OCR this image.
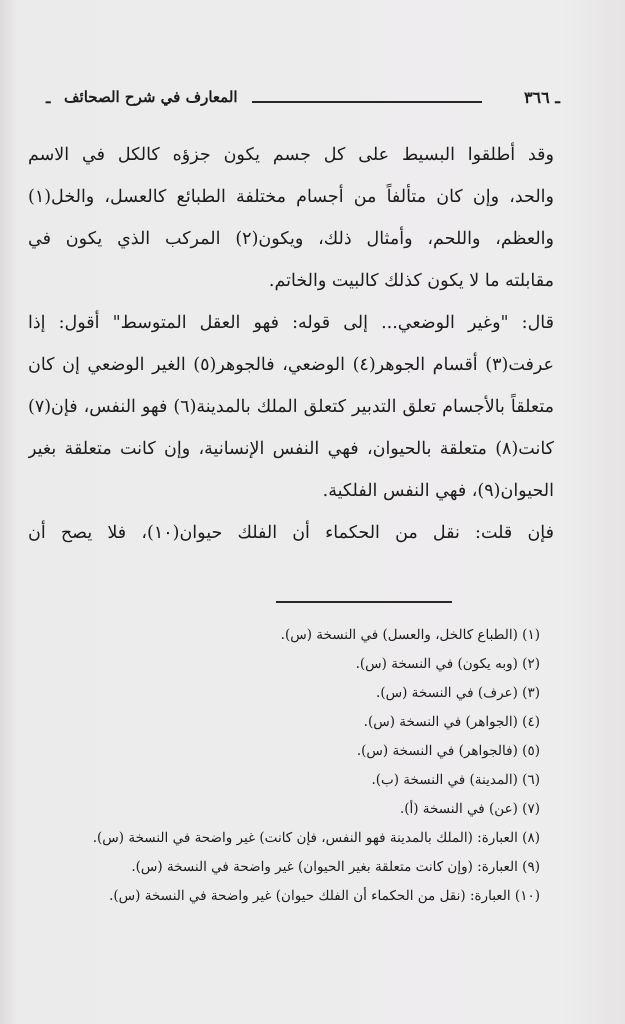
ـ ٣٦٦
المعارف في شرح الصحائف
ـ
وقد أطلقوا البسيط على كل جسم يكون جزؤه كالكل في الاسم
والحد، وإن كان متألفاً من أجسام مختلفة الطبائع كالعسل، والخل(١)
والعظم، واللحم، وأمثال ذلك، ويكون(٢) المركب الذي يكون في
مقابلته ما لا يكون كذلك كالبيت والخاتم.
قال: "وغير الوضعي... إلى قوله: فهو العقل المتوسط" أقول: إذا
عرفت(٣) أقسام الجوهر(٤) الوضعي، فالجوهر(٥) الغير الوضعي إن كان
متعلقاً بالأجسام تعلق التدبير كتعلق الملك بالمدينة(٦) فهو النفس، فإن(٧)
كانت(٨) متعلقة بالحيوان، فهي النفس الإنسانية، وإن كانت متعلقة بغير
الحيوان(٩)، فهي النفس الفلكية.
فإن قلت: نقل من الحكماء أن الفلك حيوان(١٠)، فلا يصح أن
(١) (الطباع كالخل، والعسل) في النسخة (س).
(٢) (وبه يكون) في النسخة (س).
(٣) (عرف) في النسخة (س).
(٤) (الجواهر) في النسخة (س).
(٥) (فالجواهر) في النسخة (س).
(٦) (المدينة) في النسخة (ب).
(٧) (عن) في النسخة (أ).
(٨) العبارة: (الملك بالمدينة فهو النفس، فإن كانت) غير واضحة في النسخة (س).
(٩) العبارة: (وإن كانت متعلقة بغير الحيوان) غير واضحة في النسخة (س).
(١٠) العبارة: (نقل من الحكماء أن الفلك حيوان) غير واضحة في النسخة (س).
